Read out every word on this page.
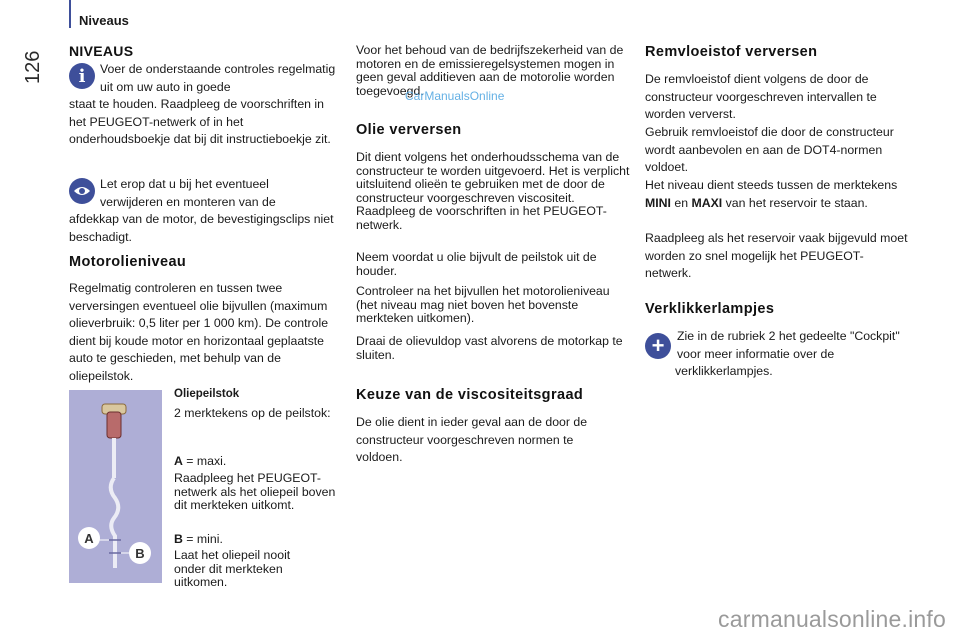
Niveaus
126 NIVEAUS
i	Voer de onderstaande controles regelmatig uit om uw auto in goede
staat te houden. Raadpleeg de voorschriften in het PEUGEOT-netwerk of in het onderhoudsboekje dat bij dit instructieboekje zit.
Let erop dat u bij het eventueel verwijderen en monteren van de
afdekkap van de motor, de bevestigingsclips niet beschadigt.
Motorolieniveau
Regelmatig controleren en tussen twee verversingen eventueel olie bijvullen (maximum olieverbruik: 0,5 liter per 1 000 km). De controle dient bij koude motor en horizontaal geplaatste auto te geschieden, met behulp van de oliepeilstok.
A
B
Oliepeilstok
2 merktekens op de peilstok:
A = maxi.
Raadpleeg het PEUGEOT-netwerk als het oliepeil boven dit merkteken uitkomt.
B = mini.
Laat het oliepeil nooit onder dit merkteken uitkomen.
Voor het behoud van de bedrijfszekerheid van de motoren en de emissieregelsystemen mogen in geen geval additieven aan de motorolie worden toegevoegd.
CarManualsOnline
Olie verversen
Dit dient volgens het onderhoudsschema van de constructeur te worden uitgevoerd. Het is verplicht uitsluitend olieën te gebruiken met de door de constructeur voorgeschreven viscositeit. Raadpleeg de voorschriften in het PEUGEOT-netwerk.
Neem voordat u olie bijvult de peilstok uit de houder.
Controleer na het bijvullen het motorolieniveau (het niveau mag niet boven het bovenste merkteken uitkomen).
Draai de olievuldop vast alvorens de motorkap te sluiten.
Keuze van de viscositeitsgraad
De olie dient in ieder geval aan de door de constructeur voorgeschreven normen te voldoen.
Remvloeistof verversen
De remvloeistof dient volgens de door de constructeur voorgeschreven intervallen te worden ververst.
Gebruik remvloeistof die door de constructeur wordt aanbevolen en aan de DOT4-normen voldoet.
Het niveau dient steeds tussen de merktekens MINI en MAXI van het reservoir te staan.
Raadpleeg als het reservoir vaak bijgevuld moet worden zo snel mogelijk het PEUGEOT-netwerk.
Verklikkerlampjes
+	Zie in de rubriek 2 het gedeelte "Cockpit" voor meer informatie over de
verklikkerlampjes.
carmanualsonline.info
